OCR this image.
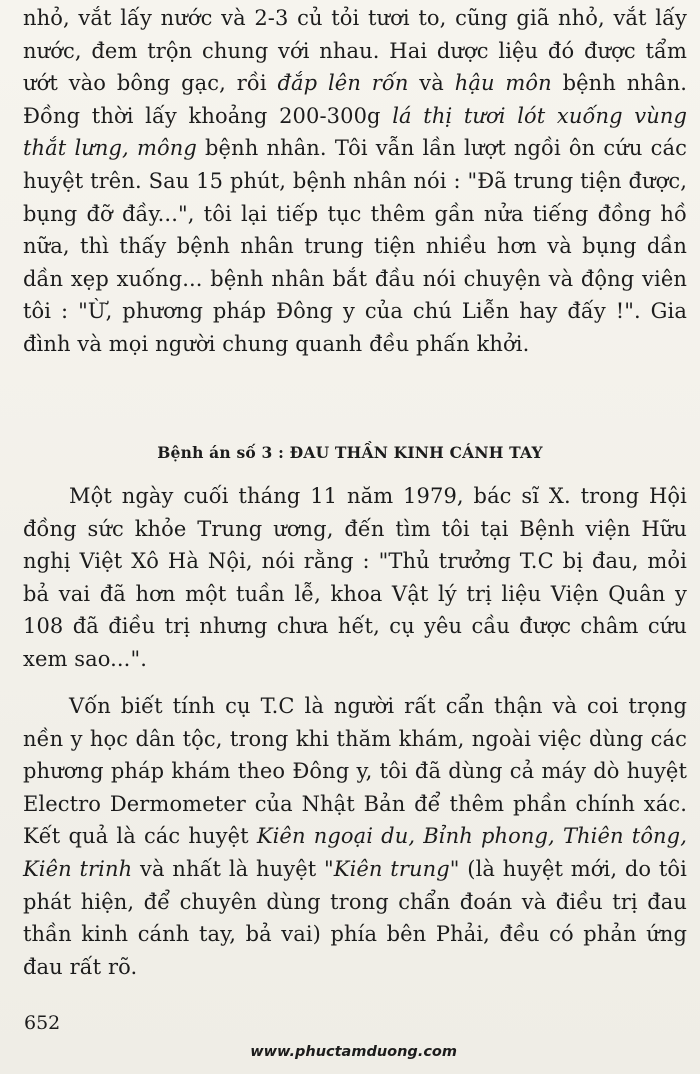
nhỏ, vắt lấy nước và 2-3 củ tỏi tươi to, cũng giã nhỏ, vắt lấy nước, đem trộn chung với nhau. Hai dược liệu đó được tẩm ướt vào bông gạc, rồi đắp lên rốn và hậu môn bệnh nhân. Đồng thời lấy khoảng 200-300g lá thị tươi lót xuống vùng thắt lưng, mông bệnh nhân. Tôi vẫn lần lượt ngồi ôn cứu các huyệt trên. Sau 15 phút, bệnh nhân nói : "Đã trung tiện được, bụng đỡ đầy...", tôi lại tiếp tục thêm gần nửa tiếng đồng hồ nữa, thì thấy bệnh nhân trung tiện nhiều hơn và bụng dần dần xẹp xuống... bệnh nhân bắt đầu nói chuyện và động viên tôi : "Ừ, phương pháp Đông y của chú Liễn hay đấy !". Gia đình và mọi người chung quanh đều phấn khởi.

Bệnh án số 3 : ĐAU THẦN KINH CÁNH TAY

Một ngày cuối tháng 11 năm 1979, bác sĩ X. trong Hội đồng sức khỏe Trung ương, đến tìm tôi tại Bệnh viện Hữu nghị Việt Xô Hà Nội, nói rằng : "Thủ trưởng T.C bị đau, mỏi bả vai đã hơn một tuần lễ, khoa Vật lý trị liệu Viện Quân y 108 đã điều trị nhưng chưa hết, cụ yêu cầu được châm cứu xem sao...".

Vốn biết tính cụ T.C là người rất cẩn thận và coi trọng nền y học dân tộc, trong khi thăm khám, ngoài việc dùng các phương pháp khám theo Đông y, tôi đã dùng cả máy dò huyệt Electro Dermometer của Nhật Bản để thêm phần chính xác. Kết quả là các huyệt Kiên ngoại du, Bỉnh phong, Thiên tông, Kiên trinh và nhất là huyệt "Kiên trung" (là huyệt mới, do tôi phát hiện, để chuyên dùng trong chẩn đoán và điều trị đau thần kinh cánh tay, bả vai) phía bên Phải, đều có phản ứng đau rất rõ.

652
www.phuctamduong.com
